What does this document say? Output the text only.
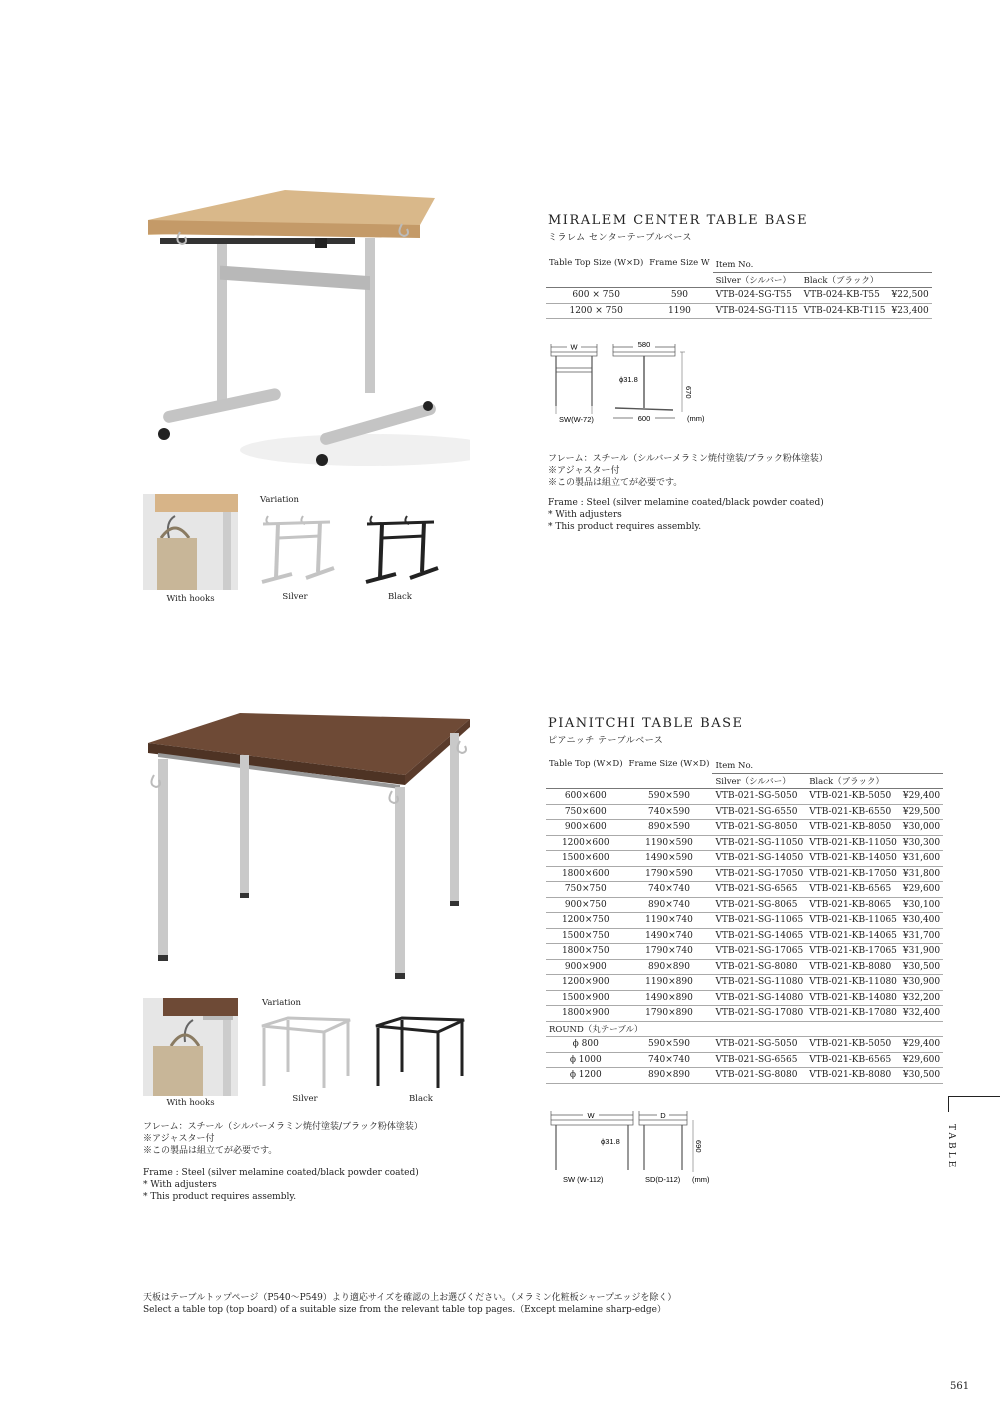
With hooks
Variation
Silver	Black
MIRALEM CENTER TABLE BASE
ミラレム センターテーブルベース
Table Top Size (W×D)	Frame Size W	Item No.		
		Silver（シルバー）	Black（ブラック）	
600 × 750	590	VTB-024-SG-T55	VTB-024-KB-T55	¥22,500
1200 × 750	1190	VTB-024-SG-T115	VTB-024-KB-T115	¥23,400
W
SW(W-72)
580
ϕ31.8
670
600	(mm)
フレーム：スチール（シルバーメラミン焼付塗装/ブラック粉体塗装）
※アジャスター付
※この製品は組立てが必要です。
Frame : Steel (silver melamine coated/black powder coated)
* With adjusters
* This product requires assembly.
With hooks
Variation
Silver	Black
PIANITCHI TABLE BASE
ピアニッチ テーブルベース
Table Top (W×D)	Frame Size (W×D)	Item No.		
		Silver（シルバー）	Black（ブラック）	
600×600	590×590	VTB-021-SG-5050	VTB-021-KB-5050	¥29,400
750×600	740×590	VTB-021-SG-6550	VTB-021-KB-6550	¥29,500
900×600	890×590	VTB-021-SG-8050	VTB-021-KB-8050	¥30,000
1200×600	1190×590	VTB-021-SG-11050	VTB-021-KB-11050	¥30,300
1500×600	1490×590	VTB-021-SG-14050	VTB-021-KB-14050	¥31,600
1800×600	1790×590	VTB-021-SG-17050	VTB-021-KB-17050	¥31,800
750×750	740×740	VTB-021-SG-6565	VTB-021-KB-6565	¥29,600
900×750	890×740	VTB-021-SG-8065	VTB-021-KB-8065	¥30,100
1200×750	1190×740	VTB-021-SG-11065	VTB-021-KB-11065	¥30,400
1500×750	1490×740	VTB-021-SG-14065	VTB-021-KB-14065	¥31,700
1800×750	1790×740	VTB-021-SG-17065	VTB-021-KB-17065	¥31,900
900×900	890×890	VTB-021-SG-8080	VTB-021-KB-8080	¥30,500
1200×900	1190×890	VTB-021-SG-11080	VTB-021-KB-11080	¥30,900
1500×900	1490×890	VTB-021-SG-14080	VTB-021-KB-14080	¥32,200
1800×900	1790×890	VTB-021-SG-17080	VTB-021-KB-17080	¥32,400
ROUND（丸テーブル）				
ϕ 800	590×590	VTB-021-SG-5050	VTB-021-KB-5050	¥29,400
ϕ 1000	740×740	VTB-021-SG-6565	VTB-021-KB-6565	¥29,600
ϕ 1200	890×890	VTB-021-SG-8080	VTB-021-KB-8080	¥30,500
W
ϕ31.8
SW (W-112)
D
690
SD(D-112) (mm)
フレーム：スチール（シルバーメラミン焼付塗装/ブラック粉体塗装）
※アジャスター付
※この製品は組立てが必要です。
Frame : Steel (silver melamine coated/black powder coated)
* With adjusters
* This product requires assembly.
天板はテーブルトップページ（P540～P549）より適応サイズを確認の上お選びください。（メラミン化粧板シャープエッジを除く）
Select a table top (top board) of a suitable size from the relevant table top pages.（Except melamine sharp-edge）
TABLE
561
